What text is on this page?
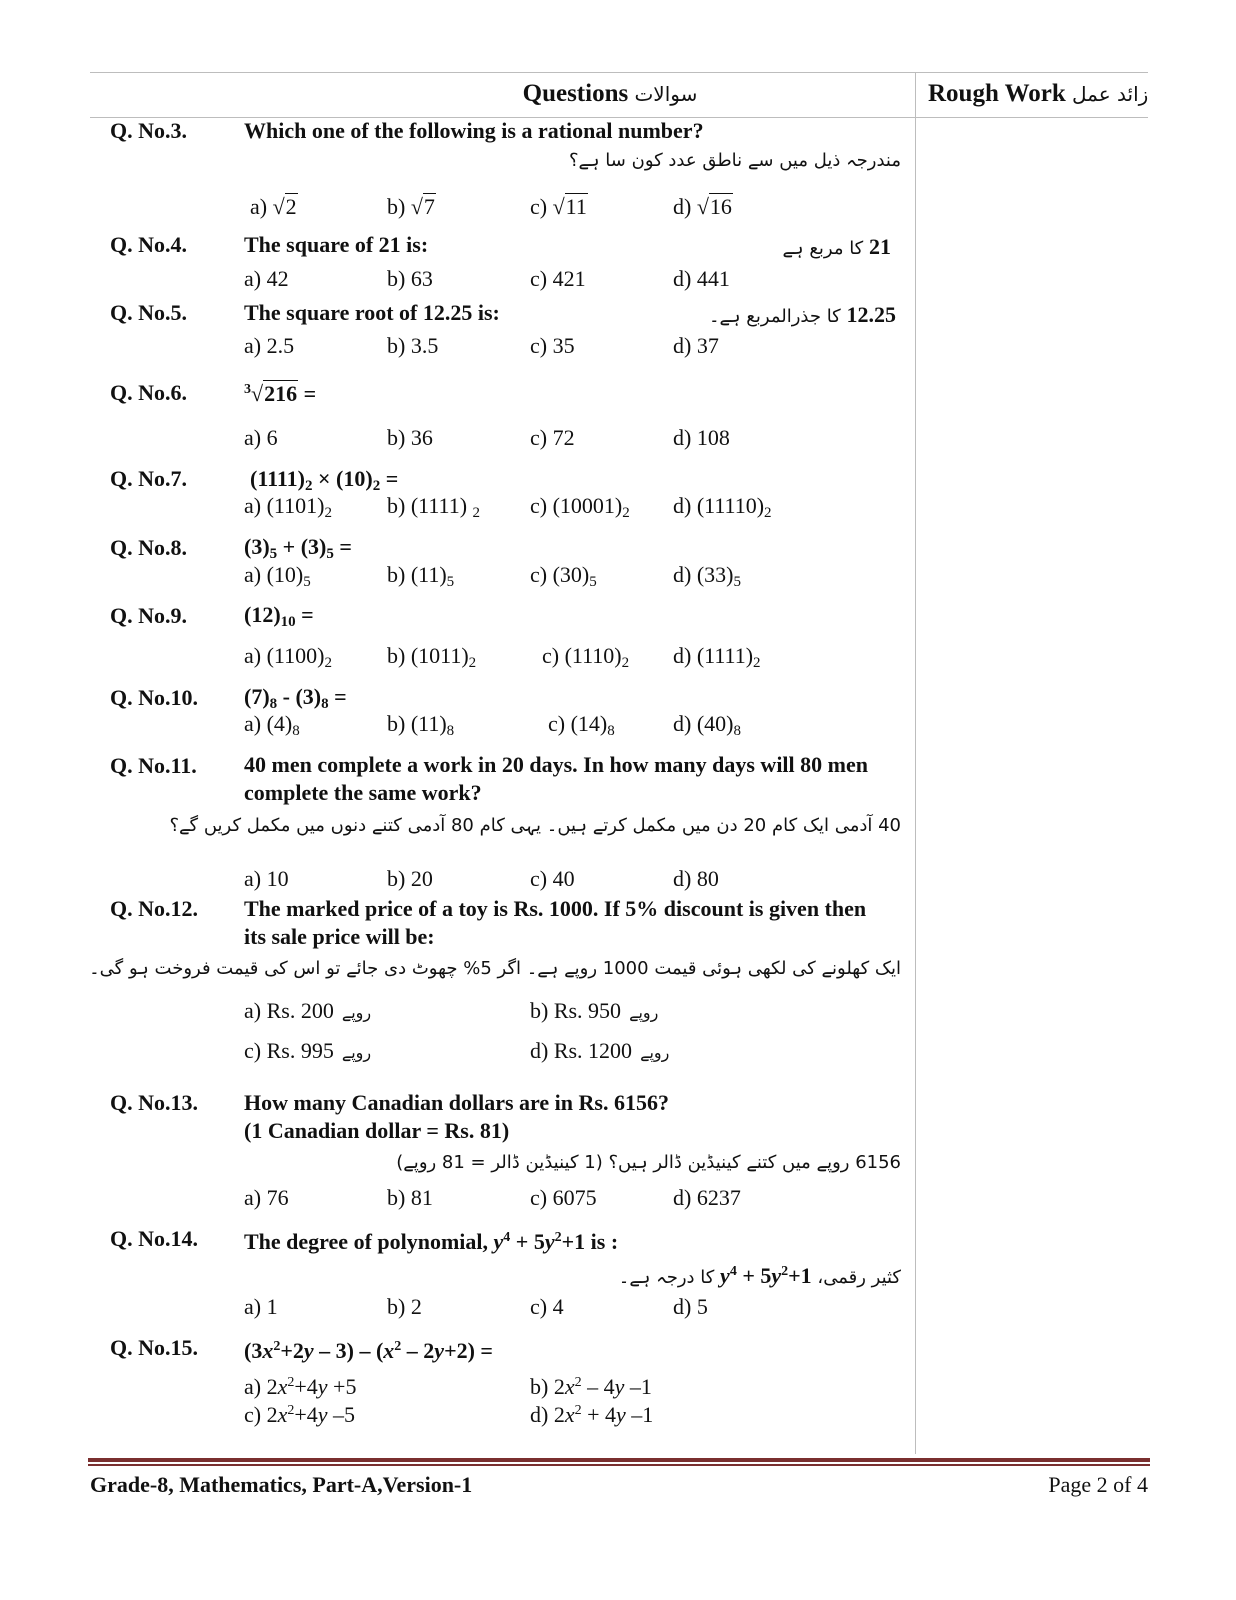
Questions سوالات	Rough Work زائد عمل
Q. No.3.	Which one of the following is a rational number?
مندرجہ ذیل میں سے ناطق عدد کون سا ہے؟
a) √2	b) √7	c) √11	d) √16
Q. No.4.	The square of 21 is:	21 کا مربع ہے
a) 42	b) 63	c) 421	d) 441
Q. No.5.	The square root of 12.25 is:	12.25 کا جذرالمربع ہے۔
a) 2.5	b) 3.5	c) 35	d) 37
Q. No.6.	$^3$√216 =
a) 6	b) 36	c) 72	d) 108
Q. No.7.	$(1111)_2 \times (10)_2$ =
a) $(1101)_2$	b) (1111) $_2$ c) $(10001)_2$ d) $(11110)_2$
Q. No.8.	$(3)_5 + (3)_5$ =
a) $(10)_5$	b) $(11)_5$	c) $(30)_5$	d) $(33)_5$
Q. No.9.	$(12)_{10}$ =
a) $(1100)_2$	b) $(1011)_2$	c) $(1110)_2$ d) $(1111)_2$
Q. No.10. $(7)_8 - (3)_8$ =
a) $(4)_8$	b) $(11)_8$	c) $(14)_8$	d) $(40)_8$
Q. No.11. 40 men complete a work in 20 days. In how many days will 80 men complete the same work?
40 آدمی ایک کام 20 دن میں مکمل کرتے ہیں۔ یہی کام 80 آدمی کتنے دنوں میں مکمل کریں گے؟
a) 10	b) 20	c) 40	d) 80
Q. No.12. The marked price of a toy is Rs. 1000. If 5% discount is given then its sale price will be:
ایک کھلونے کی لکھی ہوئی قیمت 1000 روپے ہے۔ اگر 5% چھوٹ دی جائے تو اس کی قیمت فروخت ہو گی۔
a) Rs. 200 روپے	b) Rs. 950 روپے
c) Rs. 995 روپے	d) Rs. 1200 روپے
Q. No.13. How many Canadian dollars are in Rs. 6156?
(1 Canadian dollar = Rs. 81)
6156 روپے میں کتنے کینیڈین ڈالر ہیں؟ (1 کینیڈین ڈالر = 81 روپے)
a) 76	b) 81	c) 6075	d) 6237
Q. No.14. The degree of polynomial, $y^4 + 5y^2+1$ is :
کثیر رقمی، $y^4 + 5y^2+1$ کا درجہ ہے۔
a) 1	b) 2	c) 4	d) 5
Q. No.15. $(3x^2+2y - 3) - (x^2 - 2y+2)$ =
a) $2x^2+4y +5$	b) $2x^2 - 4y$ –1
c) $2x^2+4y$ –5	d) $2x^2 + 4y$ –1
Grade-8, Mathematics, Part-A,Version-1	Page 2 of 4
